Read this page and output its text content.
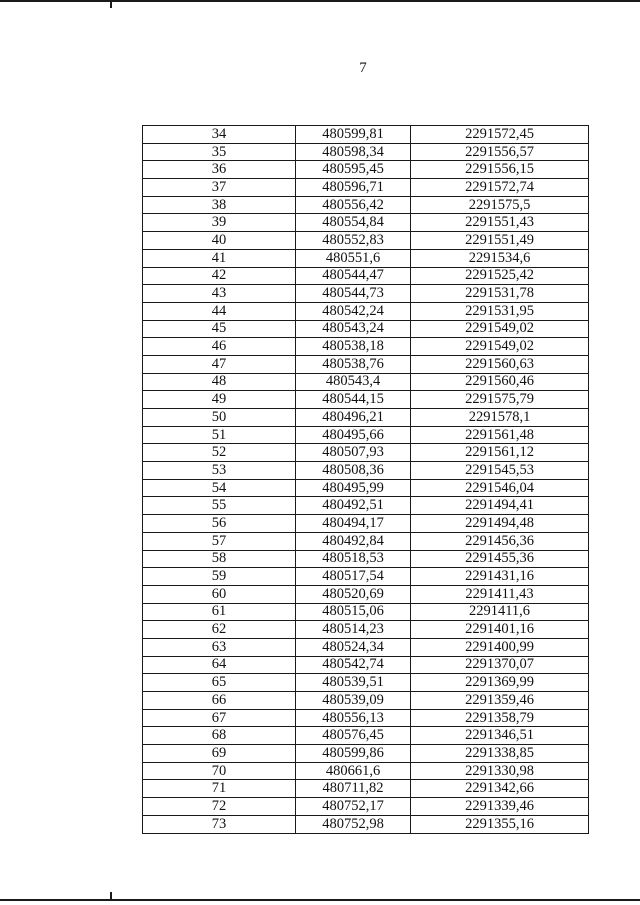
7
34	480599,81	2291572,45
35	480598,34	2291556,57
36	480595,45	2291556,15
37	480596,71	2291572,74
38	480556,42	2291575,5
39	480554,84	2291551,43
40	480552,83	2291551,49
41	480551,6	2291534,6
42	480544,47	2291525,42
43	480544,73	2291531,78
44	480542,24	2291531,95
45	480543,24	2291549,02
46	480538,18	2291549,02
47	480538,76	2291560,63
48	480543,4	2291560,46
49	480544,15	2291575,79
50	480496,21	2291578,1
51	480495,66	2291561,48
52	480507,93	2291561,12
53	480508,36	2291545,53
54	480495,99	2291546,04
55	480492,51	2291494,41
56	480494,17	2291494,48
57	480492,84	2291456,36
58	480518,53	2291455,36
59	480517,54	2291431,16
60	480520,69	2291411,43
61	480515,06	2291411,6
62	480514,23	2291401,16
63	480524,34	2291400,99
64	480542,74	2291370,07
65	480539,51	2291369,99
66	480539,09	2291359,46
67	480556,13	2291358,79
68	480576,45	2291346,51
69	480599,86	2291338,85
70	480661,6	2291330,98
71	480711,82	2291342,66
72	480752,17	2291339,46
73	480752,98	2291355,16
